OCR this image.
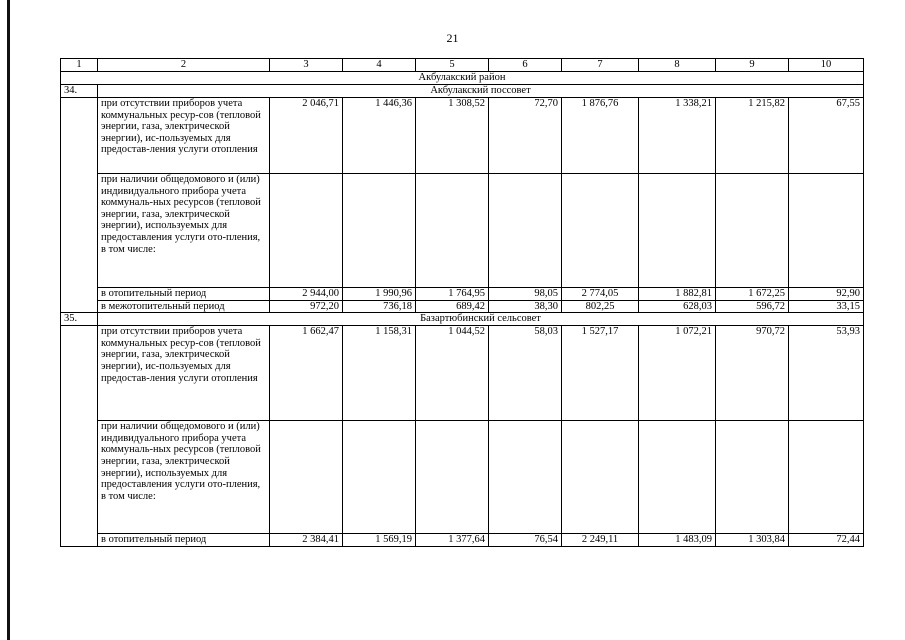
21
1	2	3	4	5	6	7	8	9	10
Акбулакский район									
34.	Акбулакский поссовет								
	при отсутствии приборов учета коммунальных ресур-сов (тепловой энергии, газа, электрической энергии), ис-пользуемых для предостав-ления услуги отопления	2 046,71	1 446,36	1 308,52	72,70	1 876,76	1 338,21	1 215,82	67,55
	при наличии общедомового и (или) индивидуального прибора учета коммуналь-ных ресурсов (тепловой энергии, газа, электрической энергии), используемых для предоставления услуги ото-пления, в том числе:								
	в отопительный период	2 944,00	1 990,96	1 764,95	98,05	2 774,05	1 882,81	1 672,25	92,90
	в межотопительный период	972,20	736,18	689,42	38,30	802,25	628,03	596,72	33,15
35.	Базартюбинский сельсовет								
	при отсутствии приборов учета коммунальных ресур-сов (тепловой энергии, газа, электрической энергии), ис-пользуемых для предостав-ления услуги отопления	1 662,47	1 158,31	1 044,52	58,03	1 527,17	1 072,21	970,72	53,93
	при наличии общедомового и (или) индивидуального прибора учета коммуналь-ных ресурсов (тепловой энергии, газа, электрической энергии), используемых для предоставления услуги ото-пления, в том числе:								
	в отопительный период	2 384,41	1 569,19	1 377,64	76,54	2 249,11	1 483,09	1 303,84	72,44
